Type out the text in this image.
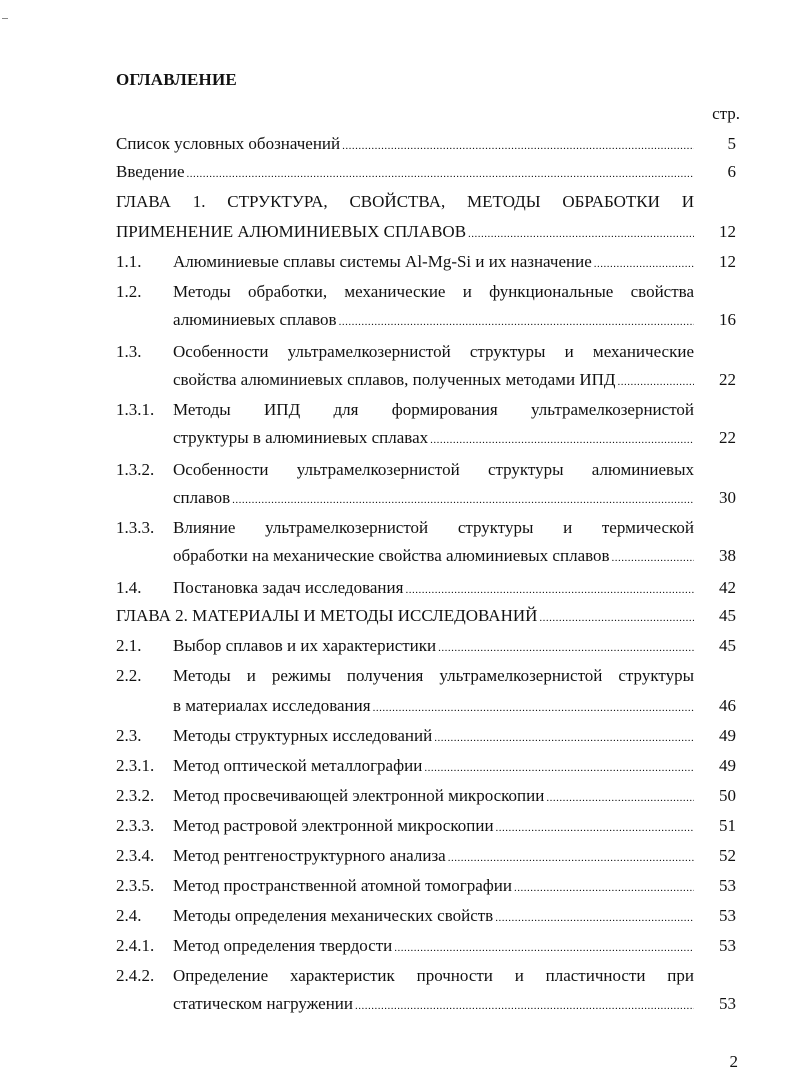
ОГЛАВЛЕНИЕ
стр.
Список условных обозначений .....	5
Введение .....	6
ГЛАВА 1. СТРУКТУРА, СВОЙСТВА, МЕТОДЫ ОБРАБОТКИ И
ПРИМЕНЕНИЕ АЛЮМИНИЕВЫХ СПЛАВОВ .....	12
1.1. Алюминиевые сплавы системы Al-Mg-Si и их назначение .....	12
1.2. Методы обработки, механические и функциональные свойства
алюминиевых сплавов .....	16
1.3. Особенности ультрамелкозернистой структуры и механические
свойства алюминиевых сплавов, полученных методами ИПД .....	22
1.3.1. Методы ИПД для формирования ультрамелкозернистой
структуры в алюминиевых сплавах .....	22
1.3.2. Особенности ультрамелкозернистой структуры алюминиевых
сплавов .....	30
1.3.3. Влияние ультрамелкозернистой структуры и термической
обработки на механические свойства алюминиевых сплавов .....	38
1.4. Постановка задач исследования .....	42
ГЛАВА 2. МАТЕРИАЛЫ И МЕТОДЫ ИССЛЕДОВАНИЙ .....	45
2.1. Выбор сплавов и их характеристики .....	45
2.2. Методы и режимы получения ультрамелкозернистой структуры
в материалах исследования .....	46
2.3. Методы структурных исследований .....	49
2.3.1. Метод оптической металлографии .....	49
2.3.2. Метод просвечивающей электронной микроскопии .....	50
2.3.3. Метод растровой электронной микроскопии .....	51
2.3.4. Метод рентгеноструктурного анализа .....	52
2.3.5. Метод пространственной атомной томографии .....	53
2.4. Методы определения механических свойств .....	53
2.4.1. Метод определения твердости .....	53
2.4.2. Определение характеристик прочности и пластичности при
статическом нагружении .....	53
2
